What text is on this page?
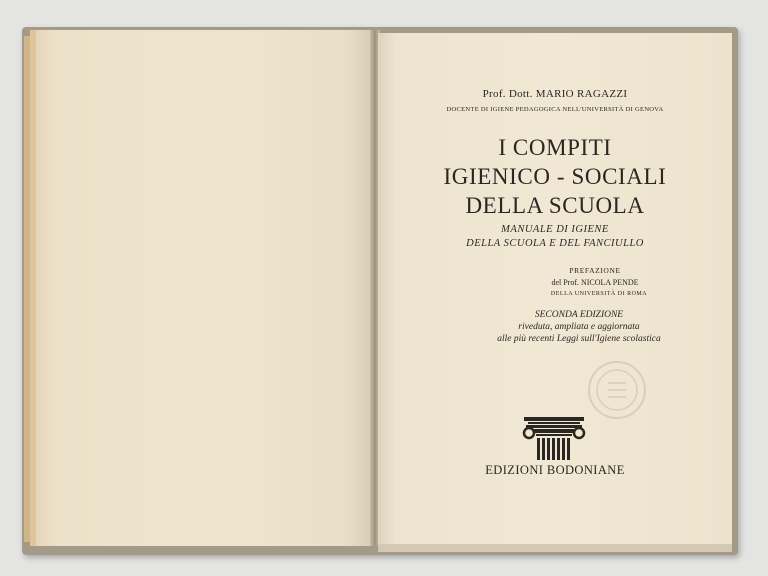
Prof. Dott. MARIO RAGAZZI
DOCENTE DI IGIENE PEDAGOGICA NELL'UNIVERSITÀ DI GENOVA
I COMPITI
IGIENICO - SOCIALI
DELLA SCUOLA
MANUALE DI IGIENE
DELLA SCUOLA E DEL FANCIULLO
PREFAZIONE
del Prof. NICOLA PENDE
DELLA UNIVERSITÀ DI ROMA
SECONDA EDIZIONE
riveduta, ampliata e aggiornata
alle più recenti Leggi sull'Igiene scolastica
EDIZIONI BODONIANE
